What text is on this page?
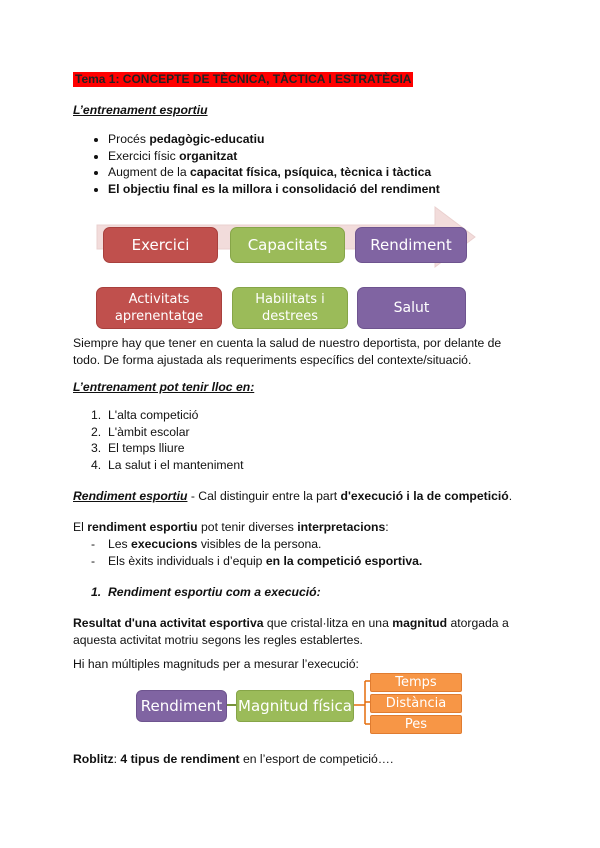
Tema 1: CONCEPTE DE TÈCNICA, TÀCTICA I ESTRATÈGIA
L’entrenament esportiu
• Procés pedagògic-educatiu
• Exercici físic organitzat
• Augment de la capacitat física, psíquica, tècnica i tàctica
• El objectiu final es la millora i consolidació del rendiment
Exercici	Capacitats	Rendiment
Activitats aprenentatge
Habilitats i destrees
Salut
Siempre hay que tener en cuenta la salud de nuestro deportista, por delante de todo. De forma ajustada als requeriments específics del contexte/situació.
L’entrenament pot tenir lloc en:
1. L'alta competició
2. L'àmbit escolar
3. El temps lliure
4. La salut i el manteniment
Rendiment esportiu - Cal distinguir entre la part d'execució i la de competició.
El rendiment esportiu pot tenir diverses interpretacions:
- Les execucions visibles de la persona.
- Els èxits individuals i d’equip en la competició esportiva.
1. Rendiment esportiu com a execució:
Resultat d'una activitat esportiva que cristal·litza en una magnitud atorgada a aquesta activitat motriu segons les regles establertes.
Hi han múltiples magnituds per a mesurar l’execució:
Rendiment	Magnitud física
Temps
Distància
Pes
Roblitz: 4 tipus de rendiment en l’esport de competició….
